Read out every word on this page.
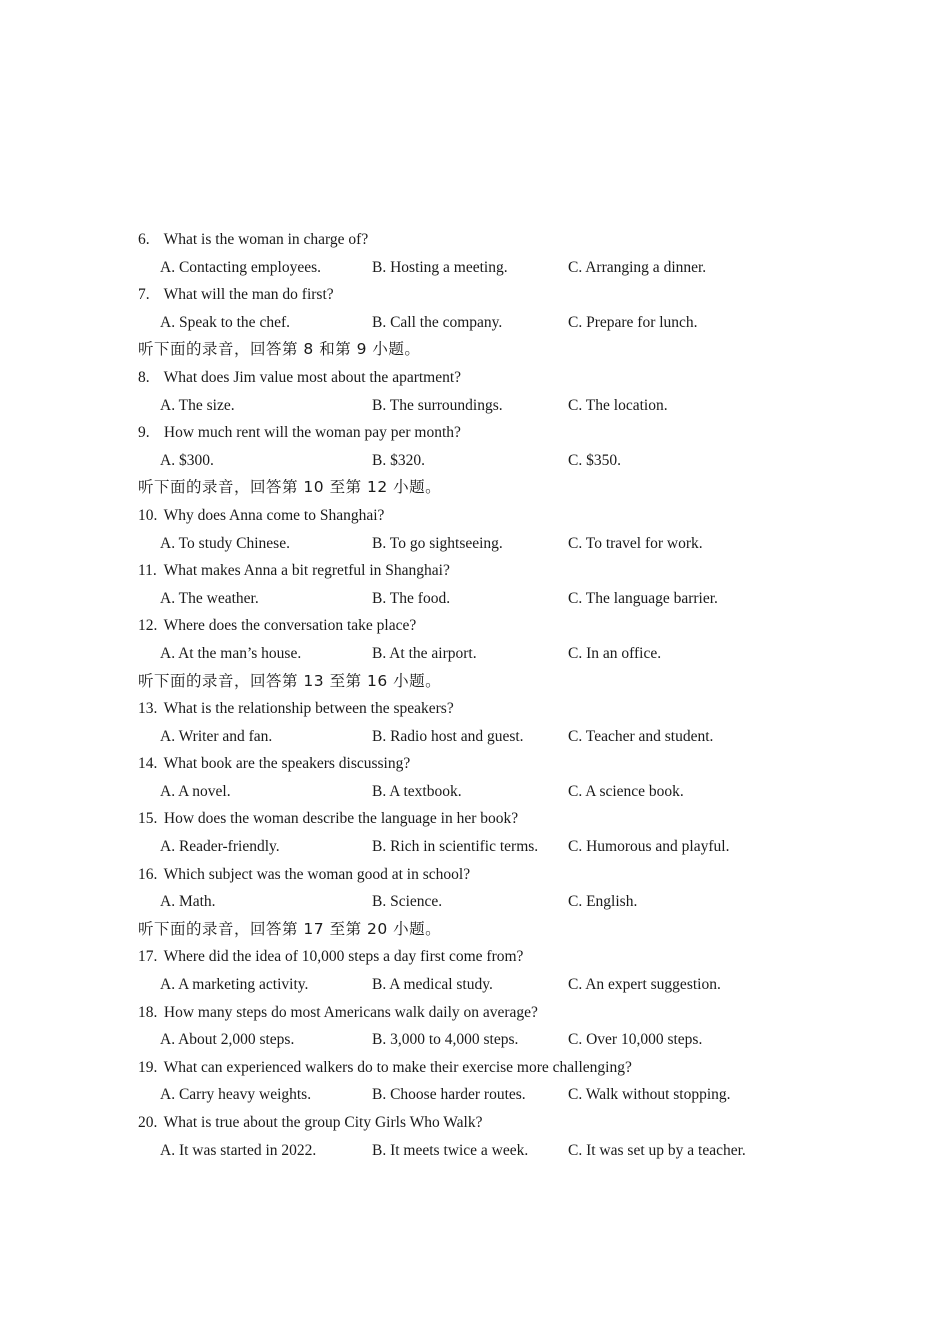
6. What is the woman in charge of?
A. Contacting employees.	B. Hosting a meeting.	C. Arranging a dinner.
7. What will the man do first?
A. Speak to the chef.	B. Call the company.	C. Prepare for lunch.
听下面的录音，回答第 8 和第 9 小题。
8. What does Jim value most about the apartment?
A. The size.	B. The surroundings.	C. The location.
9. How much rent will the woman pay per month?
A. $300.	B. $320.	C. $350.
听下面的录音，回答第 10 至第 12 小题。
10. Why does Anna come to Shanghai?
A. To study Chinese.	B. To go sightseeing.	C. To travel for work.
11. What makes Anna a bit regretful in Shanghai?
A. The weather.	B. The food.	C. The language barrier.
12. Where does the conversation take place?
A. At the man’s house.	B. At the airport.	C. In an office.
听下面的录音，回答第 13 至第 16 小题。
13. What is the relationship between the speakers?
A. Writer and fan.	B. Radio host and guest.	C. Teacher and student.
14. What book are the speakers discussing?
A. A novel.	B. A textbook.	C. A science book.
15. How does the woman describe the language in her book?
A. Reader-friendly.	B. Rich in scientific terms. C. Humorous and playful.
16. Which subject was the woman good at in school?
A. Math.	B. Science.	C. English.
听下面的录音，回答第 17 至第 20 小题。
17. Where did the idea of 10,000 steps a day first come from?
A. A marketing activity.	B. A medical study.	C. An expert suggestion.
18. How many steps do most Americans walk daily on average?
A. About 2,000 steps.	B. 3,000 to 4,000 steps.	C. Over 10,000 steps.
19. What can experienced walkers do to make their exercise more challenging?
A. Carry heavy weights.	B. Choose harder routes.	C. Walk without stopping.
20. What is true about the group City Girls Who Walk?
A. It was started in 2022.	B. It meets twice a week.	C. It was set up by a teacher.
